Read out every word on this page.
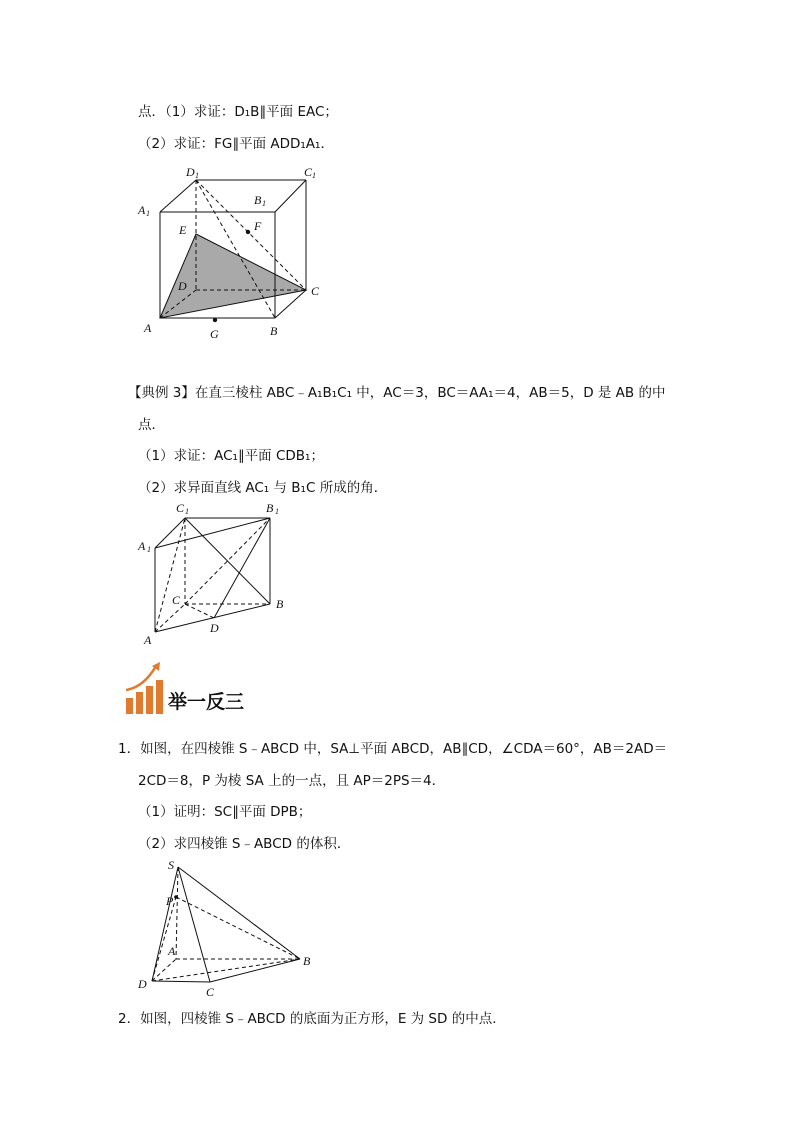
点．（1）求证：D₁B∥平面 EAC；
（2）求证：FG∥平面 ADD₁A₁．
D 1	C 1
B 1
A 1
E	F
D	C
A	G	B
【典例 3】在直三棱柱 ABC﹣A₁B₁C₁ 中，AC＝3，BC＝AA₁＝4，AB＝5，D 是 AB 的中
点．
（1）求证：AC₁∥平面 CDB₁；
（2）求异面直线 AC₁ 与 B₁C 所成的角．
C 1	B 1
A 1
C	B
A
D
举一反三
1．如图，在四棱锥 S﹣ABCD 中，SA⊥平面 ABCD，AB∥CD，∠CDA＝60°，AB＝2AD＝
2CD＝8，P 为棱 SA 上的一点，且 AP＝2PS＝4．
（1）证明：SC∥平面 DPB；
（2）求四棱锥 S﹣ABCD 的体积．
S
P
A
D
C
B
2．如图，四棱锥 S﹣ABCD 的底面为正方形，E 为 SD 的中点．
